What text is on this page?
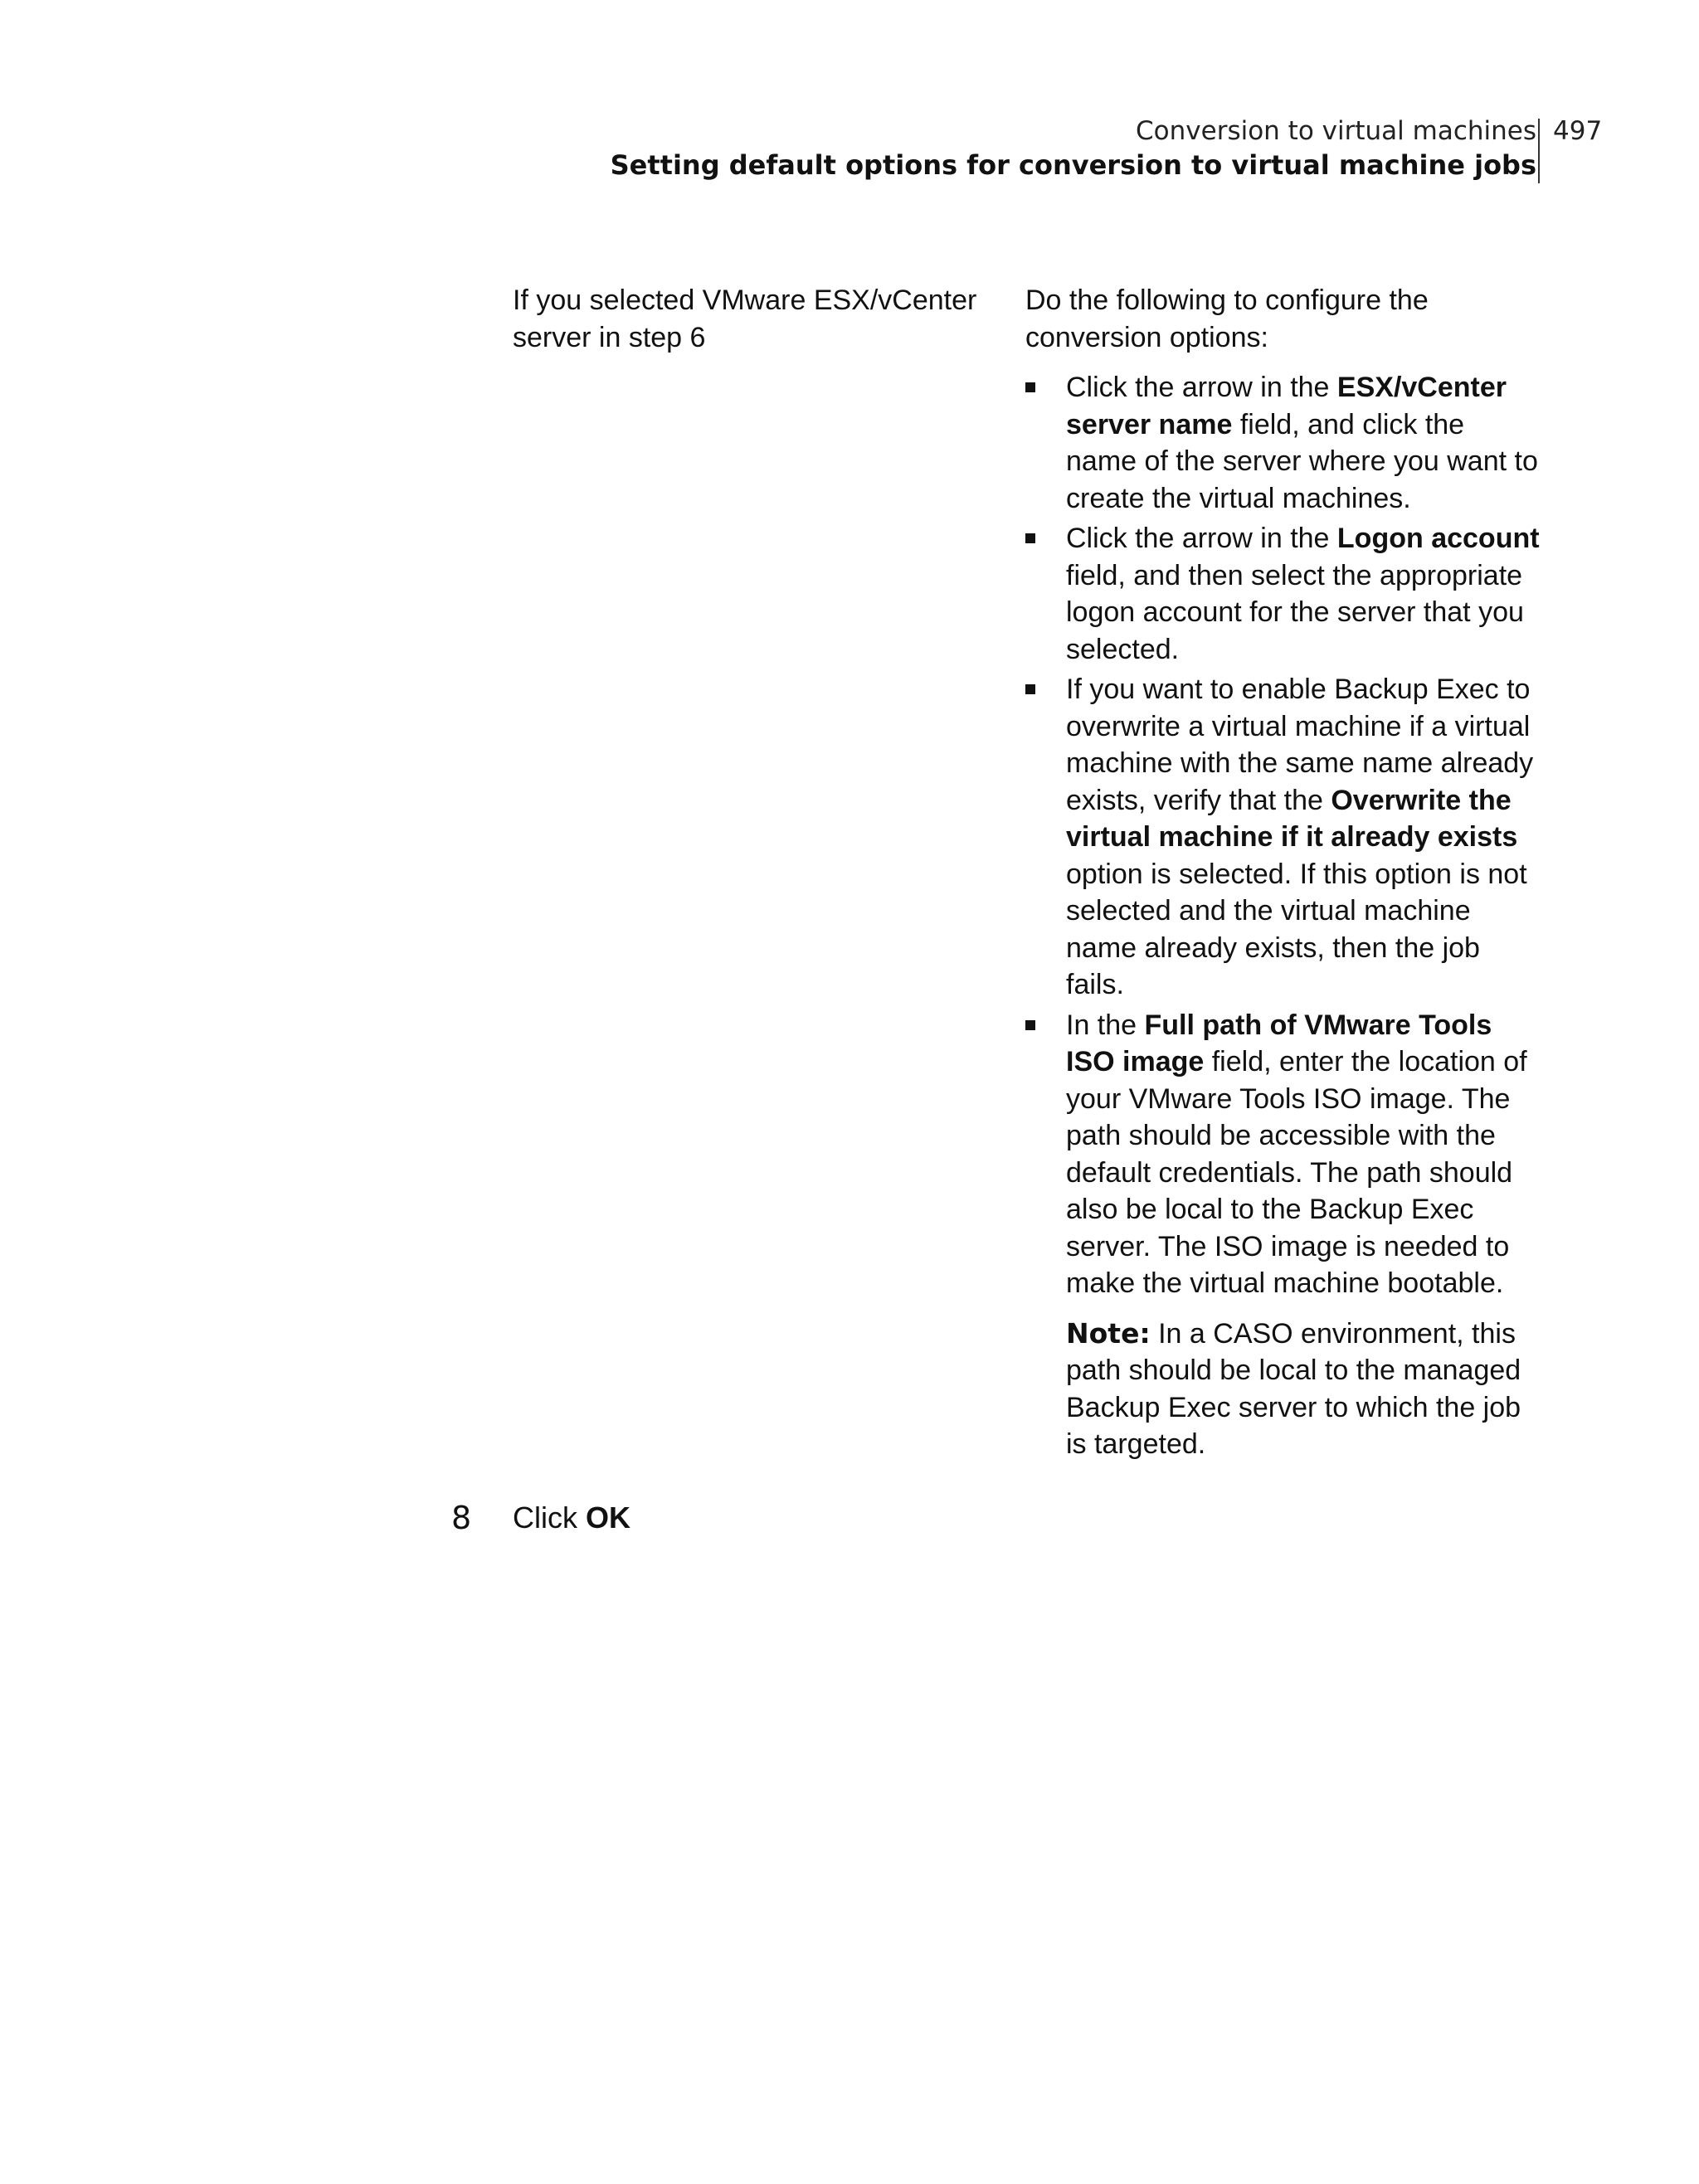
Conversion to virtual machines
Setting default options for conversion to virtual machine jobs
497
If you selected VMware ESX/vCenter
server in step 6

Do the following to configure the
conversion options:

Click the arrow in the ESX/vCenter server name field, and click the name of the server where you want to create the virtual machines.
Click the arrow in the Logon account field, and then select the appropriate logon account for the server that you selected.
If you want to enable Backup Exec to overwrite a virtual machine if a virtual machine with the same name already exists, verify that the Overwrite the virtual machine if it already exists option is selected. If this option is not selected and the virtual machine name already exists, then the job fails.
In the Full path of VMware Tools ISO image field, enter the location of your VMware Tools ISO image. The path should be accessible with the default credentials. The path should also be local to the Backup Exec server. The ISO image is needed to make the virtual machine bootable.

Note: In a CASO environment, this path should be local to the managed Backup Exec server to which the job is targeted.

8 Click OK
